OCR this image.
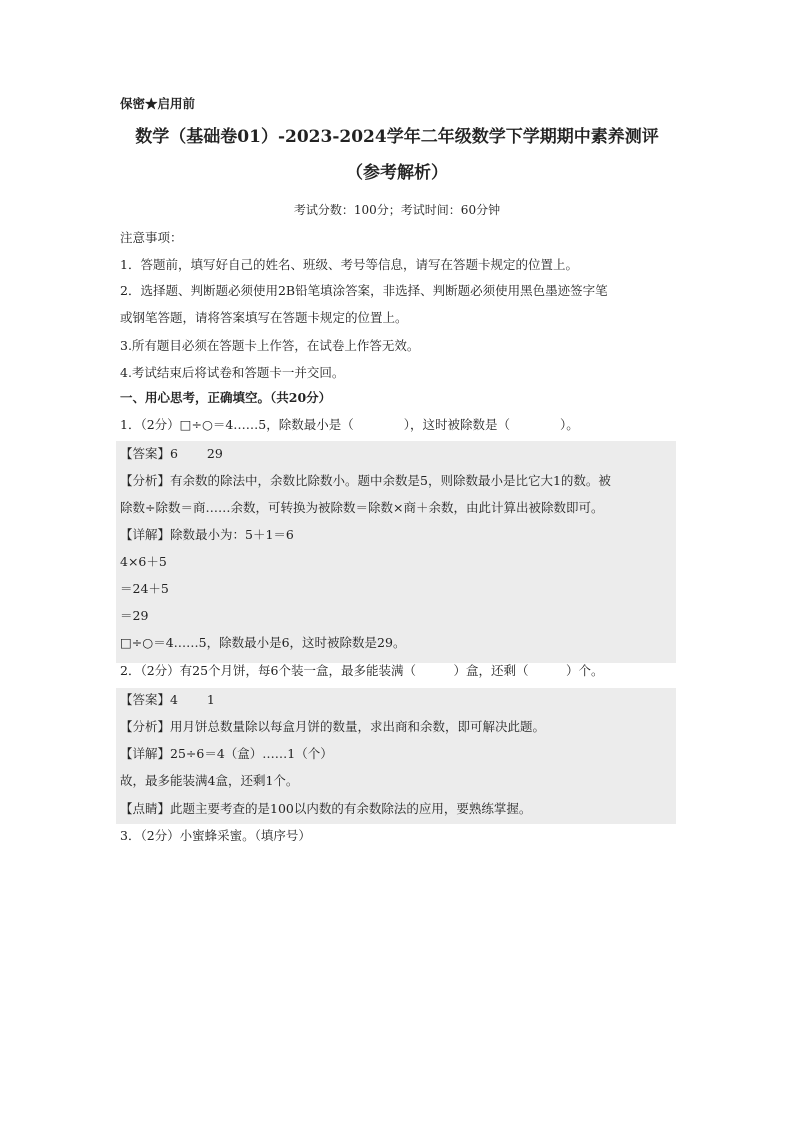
保密★启用前
数学（基础卷01）-2023-2024学年二年级数学下学期期中素养测评
（参考解析）
考试分数：100分；考试时间：60分钟
注意事项：
1．答题前，填写好自己的姓名、班级、考号等信息，请写在答题卡规定的位置上。
2．选择题、判断题必须使用2B铅笔填涂答案，非选择、判断题必须使用黑色墨迹签字笔
或钢笔答题，请将答案填写在答题卡规定的位置上。
3.所有题目必须在答题卡上作答，在试卷上作答无效。
4.考试结束后将试卷和答题卡一并交回。
一、用心思考，正确填空。（共20分）
1．（2分）□÷○＝4……5，除数最小是（　　　　），这时被除数是（　　　　）。
【答案】6　　 29
【分析】有余数的除法中，余数比除数小。题中余数是5，则除数最小是比它大1的数。被
除数÷除数＝商……余数，可转换为被除数＝除数×商＋余数，由此计算出被除数即可。
【详解】除数最小为：5＋1＝6
4×6＋5
＝24＋5
＝29
□÷○＝4……5，除数最小是6，这时被除数是29。
2．（2分）有25个月饼，每6个装一盒，最多能装满（　　　）盒，还剩（　　　）个。
【答案】4　　 1
【分析】用月饼总数量除以每盒月饼的数量，求出商和余数，即可解决此题。
【详解】25÷6＝4（盒）……1（个）
故，最多能装满4盒，还剩1个。
【点睛】此题主要考查的是100以内数的有余数除法的应用，要熟练掌握。
3．（2分）小蜜蜂采蜜。（填序号）
